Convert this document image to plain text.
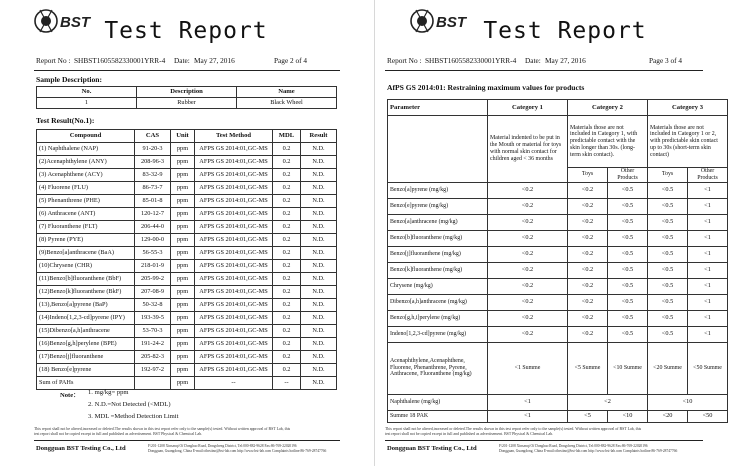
BST Test Report
Report No : SHBST1605582330001YRR-4 Date: May 27, 2016	Page 2 of 4
Sample Description:
No.	Description	Name
1	Rubber	Black Wheel
Test Result(No.1):
Compound	CAS	Unit	Test Method	MDL	Result
(1) Naphthalene (NAP)	91-20-3	ppm	AFPS GS 2014:01,GC-MS	0.2	N.D.
(2)Acenaphthylene (ANY)	208-96-3	ppm	AFPS GS 2014:01,GC-MS	0.2	N.D.
(3) Acenaphthene (ACY)	83-32-9	ppm	AFPS GS 2014:01,GC-MS	0.2	N.D.
(4) Fluorene (FLU)	86-73-7	ppm	AFPS GS 2014:01,GC-MS	0.2	N.D.
(5) Phenanthrene (PHE)	85-01-8	ppm	AFPS GS 2014:01,GC-MS	0.2	N.D.
(6) Anthracene (ANT)	120-12-7	ppm	AFPS GS 2014:01,GC-MS	0.2	N.D.
(7) Fluoranthene (FLT)	206-44-0	ppm	AFPS GS 2014:01,GC-MS	0.2	N.D.
(8) Pyrene (PYE)	129-00-0	ppm	AFPS GS 2014:01,GC-MS	0.2	N.D.
(9)Benzo[a]anthracene (BaA)	56-55-3	ppm	AFPS GS 2014:01,GC-MS	0.2	N.D.
(10)Chrysene (CHR)	218-01-9	ppm	AFPS GS 2014:01,GC-MS	0.2	N.D.
(11)Benzo[b]fluoranthene (BbF)	205-99-2	ppm	AFPS GS 2014:01,GC-MS	0.2	N.D.
(12)Benzo[k]fluoranthene (BkF)	207-08-9	ppm	AFPS GS 2014:01,GC-MS	0.2	N.D.
(13),Benzo[a]pyrene (BaP)	50-32-8	ppm	AFPS GS 2014:01,GC-MS	0.2	N.D.
(14)Indeno[1,2,3-cd]pyrene (IPY)	193-39-5	ppm	AFPS GS 2014:01,GC-MS	0.2	N.D.
(15)Dibenzo[a,h]anthracene	53-70-3	ppm	AFPS GS 2014:01,GC-MS	0.2	N.D.
(16)Benzo[g,h]perylene (BPE)	191-24-2	ppm	AFPS GS 2014:01,GC-MS	0.2	N.D.
(17)Benzo[j]fluoranthene	205-82-3	ppm	AFPS GS 2014:01,GC-MS	0.2	N.D.
(18) Benzo[e]pyrene	192-97-2	ppm	AFPS GS 2014:01,GC-MS	0.2	N.D.
Sum of PAHs		ppm	--	--	N.D.
Note： 1. mg/kg= ppm
2. N.D.=Not Detected (<MDL)
3. MDL =Method Detection Limit
This report shall not be altered,increased or deleted.The results shown in this test report refer only to the sample(s) tested. Without written approval of BST Lab, this
test report shall not be copied except in full and published as advertisement. BST Physical & Chemical Lab.
Dongguan BST Testing Co., Ltd	F/201-1208 Xinsanqi Of Donghao Road, Dongcheng District, Tel:000-882-9628 Fax:86-769-22020196
Dongguan, Guangdong, China E-mail:ctbrstino@bst-lab.com http://www.bst-lab.com Complaints hotline:86-769-28747766
BST Test Report
Report No : SHBST1605582330001YRR-4 Date: May 27, 2016	Page 3 of 4
AfPS GS 2014:01: Restraining maximum values for products
Parameter	Category 1	Category 2		Category 3	
	Material indented to be put in the Mouth or material for toys with normal skin contact for children aged < 36 months	Materials those are not included in Category 1, with predictable contact with the skin longer than 30s. (long-term skin contact).		Materials those are not included in Category 1 or 2, with predictable skin contact up to 30s (short-term skin contact)	
		Toys	Other Products	Toys	Other Products
Benzo[a]pyrene (mg/kg)	<0.2	<0.2	<0.5	<0.5	<1
Benzo[e]pyrene (mg/kg)	<0.2	<0.2	<0.5	<0.5	<1
Benzo[a]anthracene (mg/kg)	<0.2	<0.2	<0.5	<0.5	<1
Benzo[b]fluoranthene (mg/kg)	<0.2	<0.2	<0.5	<0.5	<1
Benzo[j]fluoranthene (mg/kg)	<0.2	<0.2	<0.5	<0.5	<1
Benzo[k]fluoranthene (mg/kg)	<0.2	<0.2	<0.5	<0.5	<1
Chrysene (mg/kg)	<0.2	<0.2	<0.5	<0.5	<1
Dibenzo[a,h]anthracene (mg/kg)	<0.2	<0.2	<0.5	<0.5	<1
Benzo[g,h,i]perylene (mg/kg)	<0.2	<0.2	<0.5	<0.5	<1
Indeno[1,2,3-cd]pyrene (mg/kg)	<0.2	<0.2	<0.5	<0.5	<1
Acenaphthylene,Acenaphthene, Fluorene, Phenanthrene, Pyrene, Anthracene, Fluoranthene (mg/kg)	<1 Summe	<5 Summe	<10 Summe	<20 Summe	<50 Summe
Naphthalene (mg/kg)	<1	<2		<10	
Summe 18 PAK	<1	<5	<10	<20	<50
This report shall not be altered,increased or deleted.The results shown in this test report refer only to the sample(s) tested. Without written approval of BST Lab, this
test report shall not be copied except in full and published as advertisement. BST Physical & Chemical Lab.
Dongguan BST Testing Co., Ltd	F/201-1208 Xinsanqi Of Donghao Road, Dongcheng District, Tel:000-882-9628 Fax:86-769-22020196
Dongguan, Guangdong, China E-mail:ctbrstino@bst-lab.com http://www.bst-lab.com Complaints hotline:86-769-28747766
